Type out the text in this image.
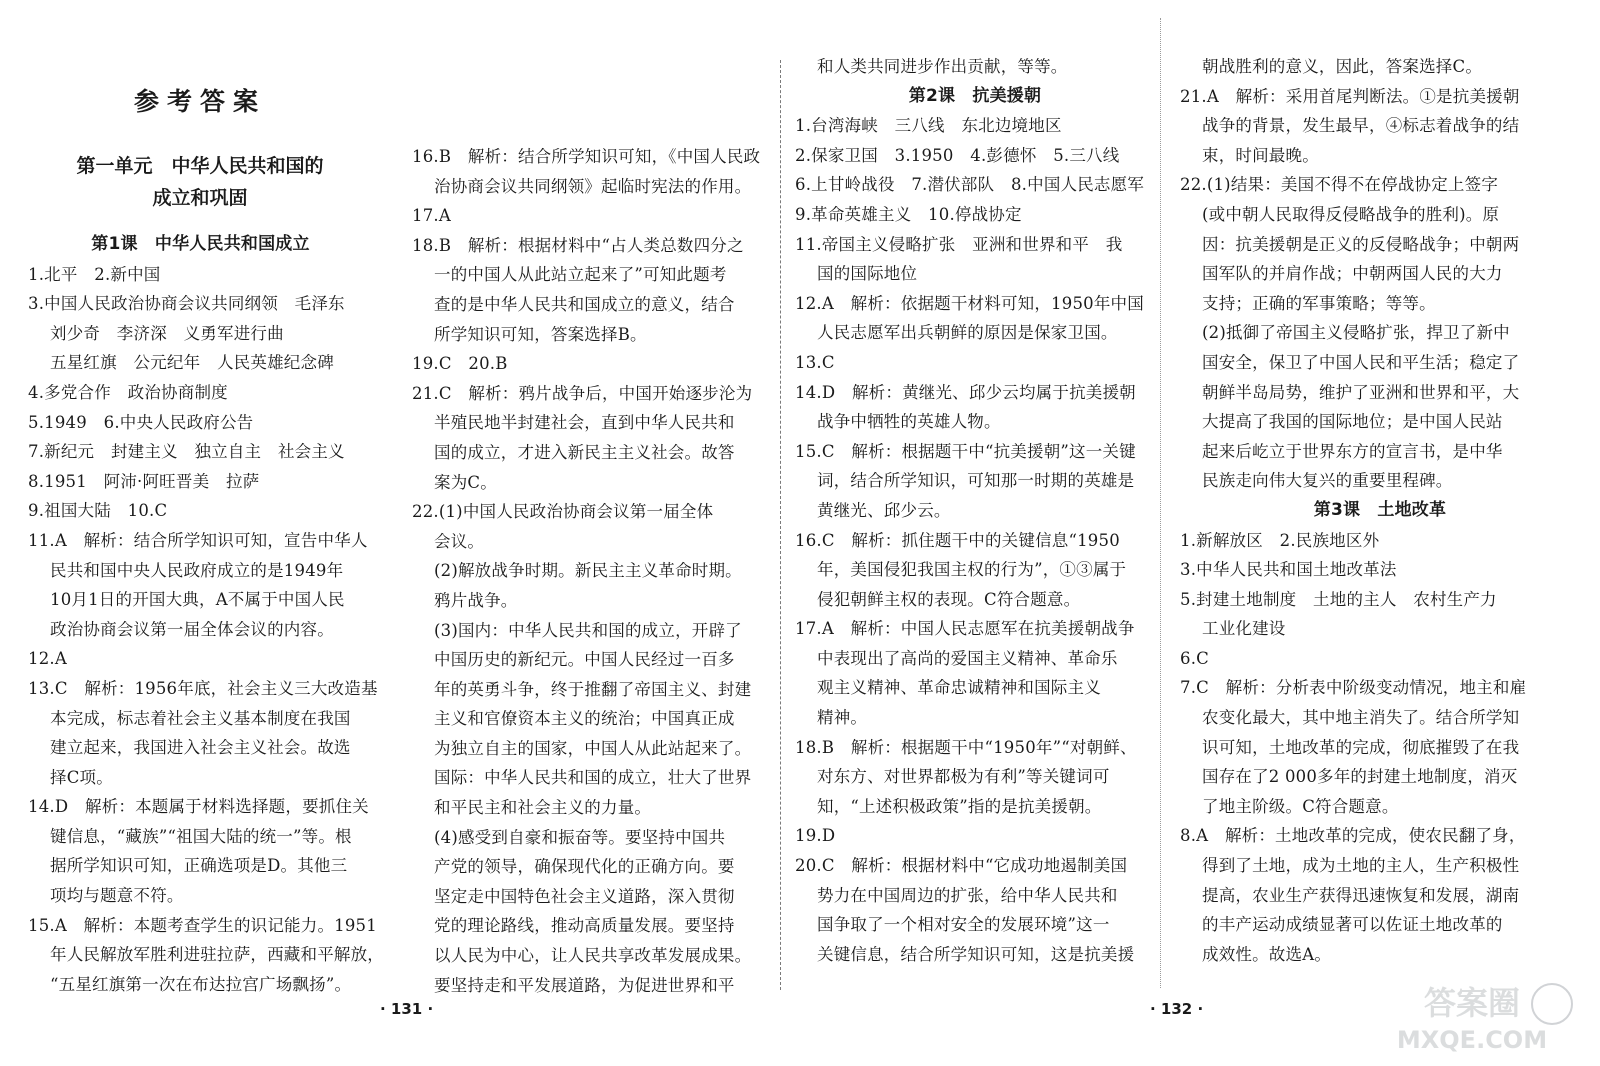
参考答案
第一单元　中华人民共和国的
成立和巩固

第1课　中华人民共和国成立

1.北平　2.新中国

3.中国人民政治协商会议共同纲领　毛泽东

刘少奇　李济深　义勇军进行曲

五星红旗　公元纪年　人民英雄纪念碑

4.多党合作　政治协商制度

5.1949　6.中央人民政府公告

7.新纪元　封建主义　独立自主　社会主义

8.1951　阿沛·阿旺晋美　拉萨

9.祖国大陆　10.C

11.A　解析：结合所学知识可知，宣告中华人

民共和国中央人民政府成立的是1949年

10月1日的开国大典，A不属于中国人民

政治协商会议第一届全体会议的内容。

12.A

13.C　解析：1956年底，社会主义三大改造基

本完成，标志着社会主义基本制度在我国

建立起来，我国进入社会主义社会。故选

择C项。

14.D　解析：本题属于材料选择题，要抓住关

键信息，“藏族”“祖国大陆的统一”等。根

据所学知识可知，正确选项是D。其他三

项均与题意不符。

15.A　解析：本题考查学生的识记能力。1951

年人民解放军胜利进驻拉萨，西藏和平解放，

“五星红旗第一次在布达拉宫广场飘扬”。

16.B　解析：结合所学知识可知，《中国人民政

治协商会议共同纲领》起临时宪法的作用。

17.A

18.B　解析：根据材料中“占人类总数四分之

一的中国人从此站立起来了”可知此题考

查的是中华人民共和国成立的意义，结合

所学知识可知，答案选择B。

19.C　20.B

21.C　解析：鸦片战争后，中国开始逐步沦为

半殖民地半封建社会，直到中华人民共和

国的成立，才进入新民主主义社会。故答

案为C。

22.(1)中国人民政治协商会议第一届全体

会议。

(2)解放战争时期。新民主主义革命时期。

鸦片战争。

(3)国内：中华人民共和国的成立，开辟了

中国历史的新纪元。中国人民经过一百多

年的英勇斗争，终于推翻了帝国主义、封建

主义和官僚资本主义的统治；中国真正成

为独立自主的国家，中国人从此站起来了。

国际：中华人民共和国的成立，壮大了世界

和平民主和社会主义的力量。

(4)感受到自豪和振奋等。要坚持中国共

产党的领导，确保现代化的正确方向。要

坚定走中国特色社会主义道路，深入贯彻

党的理论路线，推动高质量发展。要坚持

以人民为中心，让人民共享改革发展成果。

要坚持走和平发展道路，为促进世界和平

和人类共同进步作出贡献，等等。

第2课　抗美援朝

1.台湾海峡　三八线　东北边境地区

2.保家卫国　3.1950　4.彭德怀　5.三八线

6.上甘岭战役　7.潜伏部队　8.中国人民志愿军

9.革命英雄主义　10.停战协定

11.帝国主义侵略扩张　亚洲和世界和平　我

国的国际地位

12.A　解析：依据题干材料可知，1950年中国

人民志愿军出兵朝鲜的原因是保家卫国。

13.C

14.D　解析：黄继光、邱少云均属于抗美援朝

战争中牺牲的英雄人物。

15.C　解析：根据题干中“抗美援朝”这一关键

词，结合所学知识，可知那一时期的英雄是

黄继光、邱少云。

16.C　解析：抓住题干中的关键信息“1950

年，美国侵犯我国主权的行为”，①③属于

侵犯朝鲜主权的表现。C符合题意。

17.A　解析：中国人民志愿军在抗美援朝战争

中表现出了高尚的爱国主义精神、革命乐

观主义精神、革命忠诚精神和国际主义

精神。

18.B　解析：根据题干中“1950年”“对朝鲜、

对东方、对世界都极为有利”等关键词可

知，“上述积极政策”指的是抗美援朝。

19.D

20.C　解析：根据材料中“它成功地遏制美国

势力在中国周边的扩张，给中华人民共和

国争取了一个相对安全的发展环境”这一

关键信息，结合所学知识可知，这是抗美援

朝战胜利的意义，因此，答案选择C。

21.A　解析：采用首尾判断法。①是抗美援朝

战争的背景，发生最早，④标志着战争的结

束，时间最晚。

22.(1)结果：美国不得不在停战协定上签字

(或中朝人民取得反侵略战争的胜利)。原

因：抗美援朝是正义的反侵略战争；中朝两

国军队的并肩作战；中朝两国人民的大力

支持；正确的军事策略；等等。

(2)抵御了帝国主义侵略扩张，捍卫了新中

国安全，保卫了中国人民和平生活；稳定了

朝鲜半岛局势，维护了亚洲和世界和平，大

大提高了我国的国际地位；是中国人民站

起来后屹立于世界东方的宣言书，是中华

民族走向伟大复兴的重要里程碑。

第3课　土地改革

1.新解放区　2.民族地区外

3.中华人民共和国土地改革法

5.封建土地制度　土地的主人　农村生产力

工业化建设

6.C

7.C　解析：分析表中阶级变动情况，地主和雇

农变化最大，其中地主消失了。结合所学知

识可知，土地改革的完成，彻底摧毁了在我

国存在了2 000多年的封建土地制度，消灭

了地主阶级。C符合题意。

8.A　解析：土地改革的完成，使农民翻了身，

得到了土地，成为土地的主人，生产积极性

提高，农业生产获得迅速恢复和发展，湖南

的丰产运动成绩显著可以佐证土地改革的

成效性。故选A。

· 131 ·	· 132 ·	答案圈
MXQE.COM
